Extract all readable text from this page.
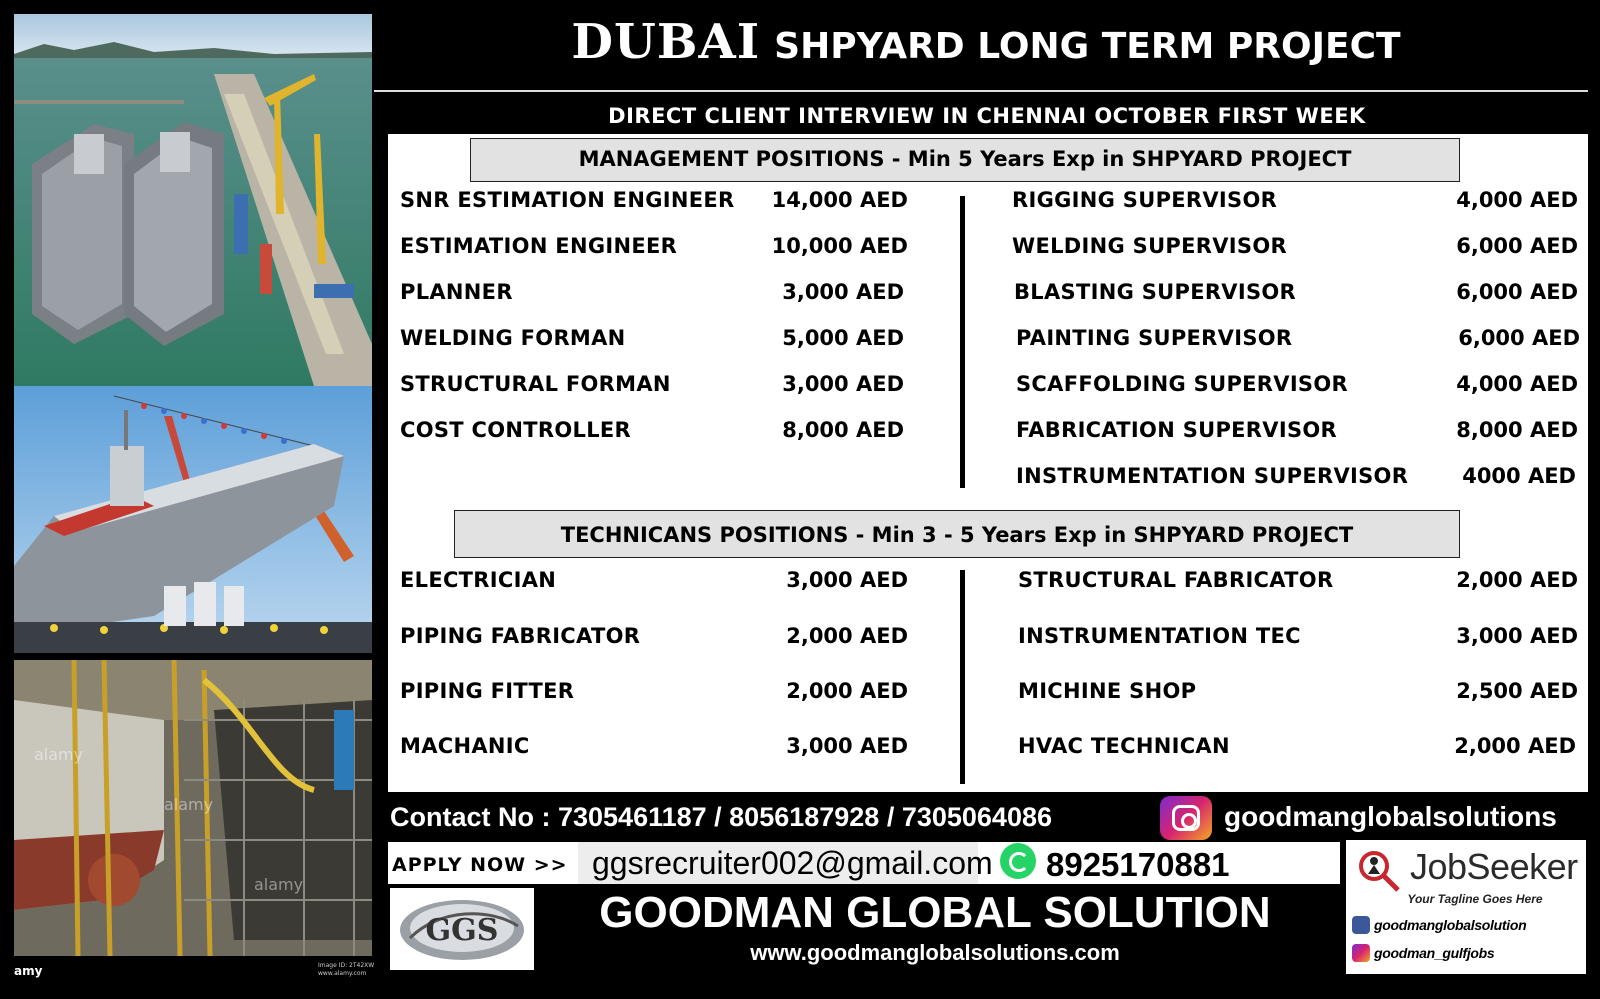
alamy
alamy
alamy
amy	Image ID: 2T42XW
www.alamy.com
DUBAI SHPYARD LONG TERM PROJECT
DIRECT CLIENT INTERVIEW IN CHENNAI OCTOBER FIRST WEEK
MANAGEMENT POSITIONS - Min 5 Years Exp in SHPYARD PROJECT
SNR ESTIMATION ENGINEER 14,000 AED
ESTIMATION ENGINEER	10,000 AED
PLANNER	3,000 AED
WELDING FORMAN	5,000 AED
STRUCTURAL FORMAN	3,000 AED
COST CONTROLLER	8,000 AED
RIGGING SUPERVISOR	4,000 AED
WELDING SUPERVISOR	6,000 AED
BLASTING SUPERVISOR	6,000 AED
PAINTING SUPERVISOR	6,000 AED
SCAFFOLDING SUPERVISOR	4,000 AED
FABRICATION SUPERVISOR	8,000 AED
INSTRUMENTATION SUPERVISOR	4000 AED
TECHNICANS POSITIONS - Min 3 - 5 Years Exp in SHPYARD PROJECT
ELECTRICIAN	3,000 AED
PIPING FABRICATOR	2,000 AED
PIPING FITTER	2,000 AED
MACHANIC	3,000 AED
STRUCTURAL FABRICATOR	2,000 AED
INSTRUMENTATION TEC	3,000 AED
MICHINE SHOP	2,500 AED
HVAC TECHNICAN	2,000 AED
Contact No : 7305461187 / 8056187928 / 7305064086	goodmanglobalsolutions
APPLY NOW >> ggsrecruiter002@gmail.com 8925170881
GGS	GOODMAN GLOBAL SOLUTION
www.goodmanglobalsolutions.com
JobSeeker
Your Tagline Goes Here
goodmanglobalsolution
goodman_gulfjobs
